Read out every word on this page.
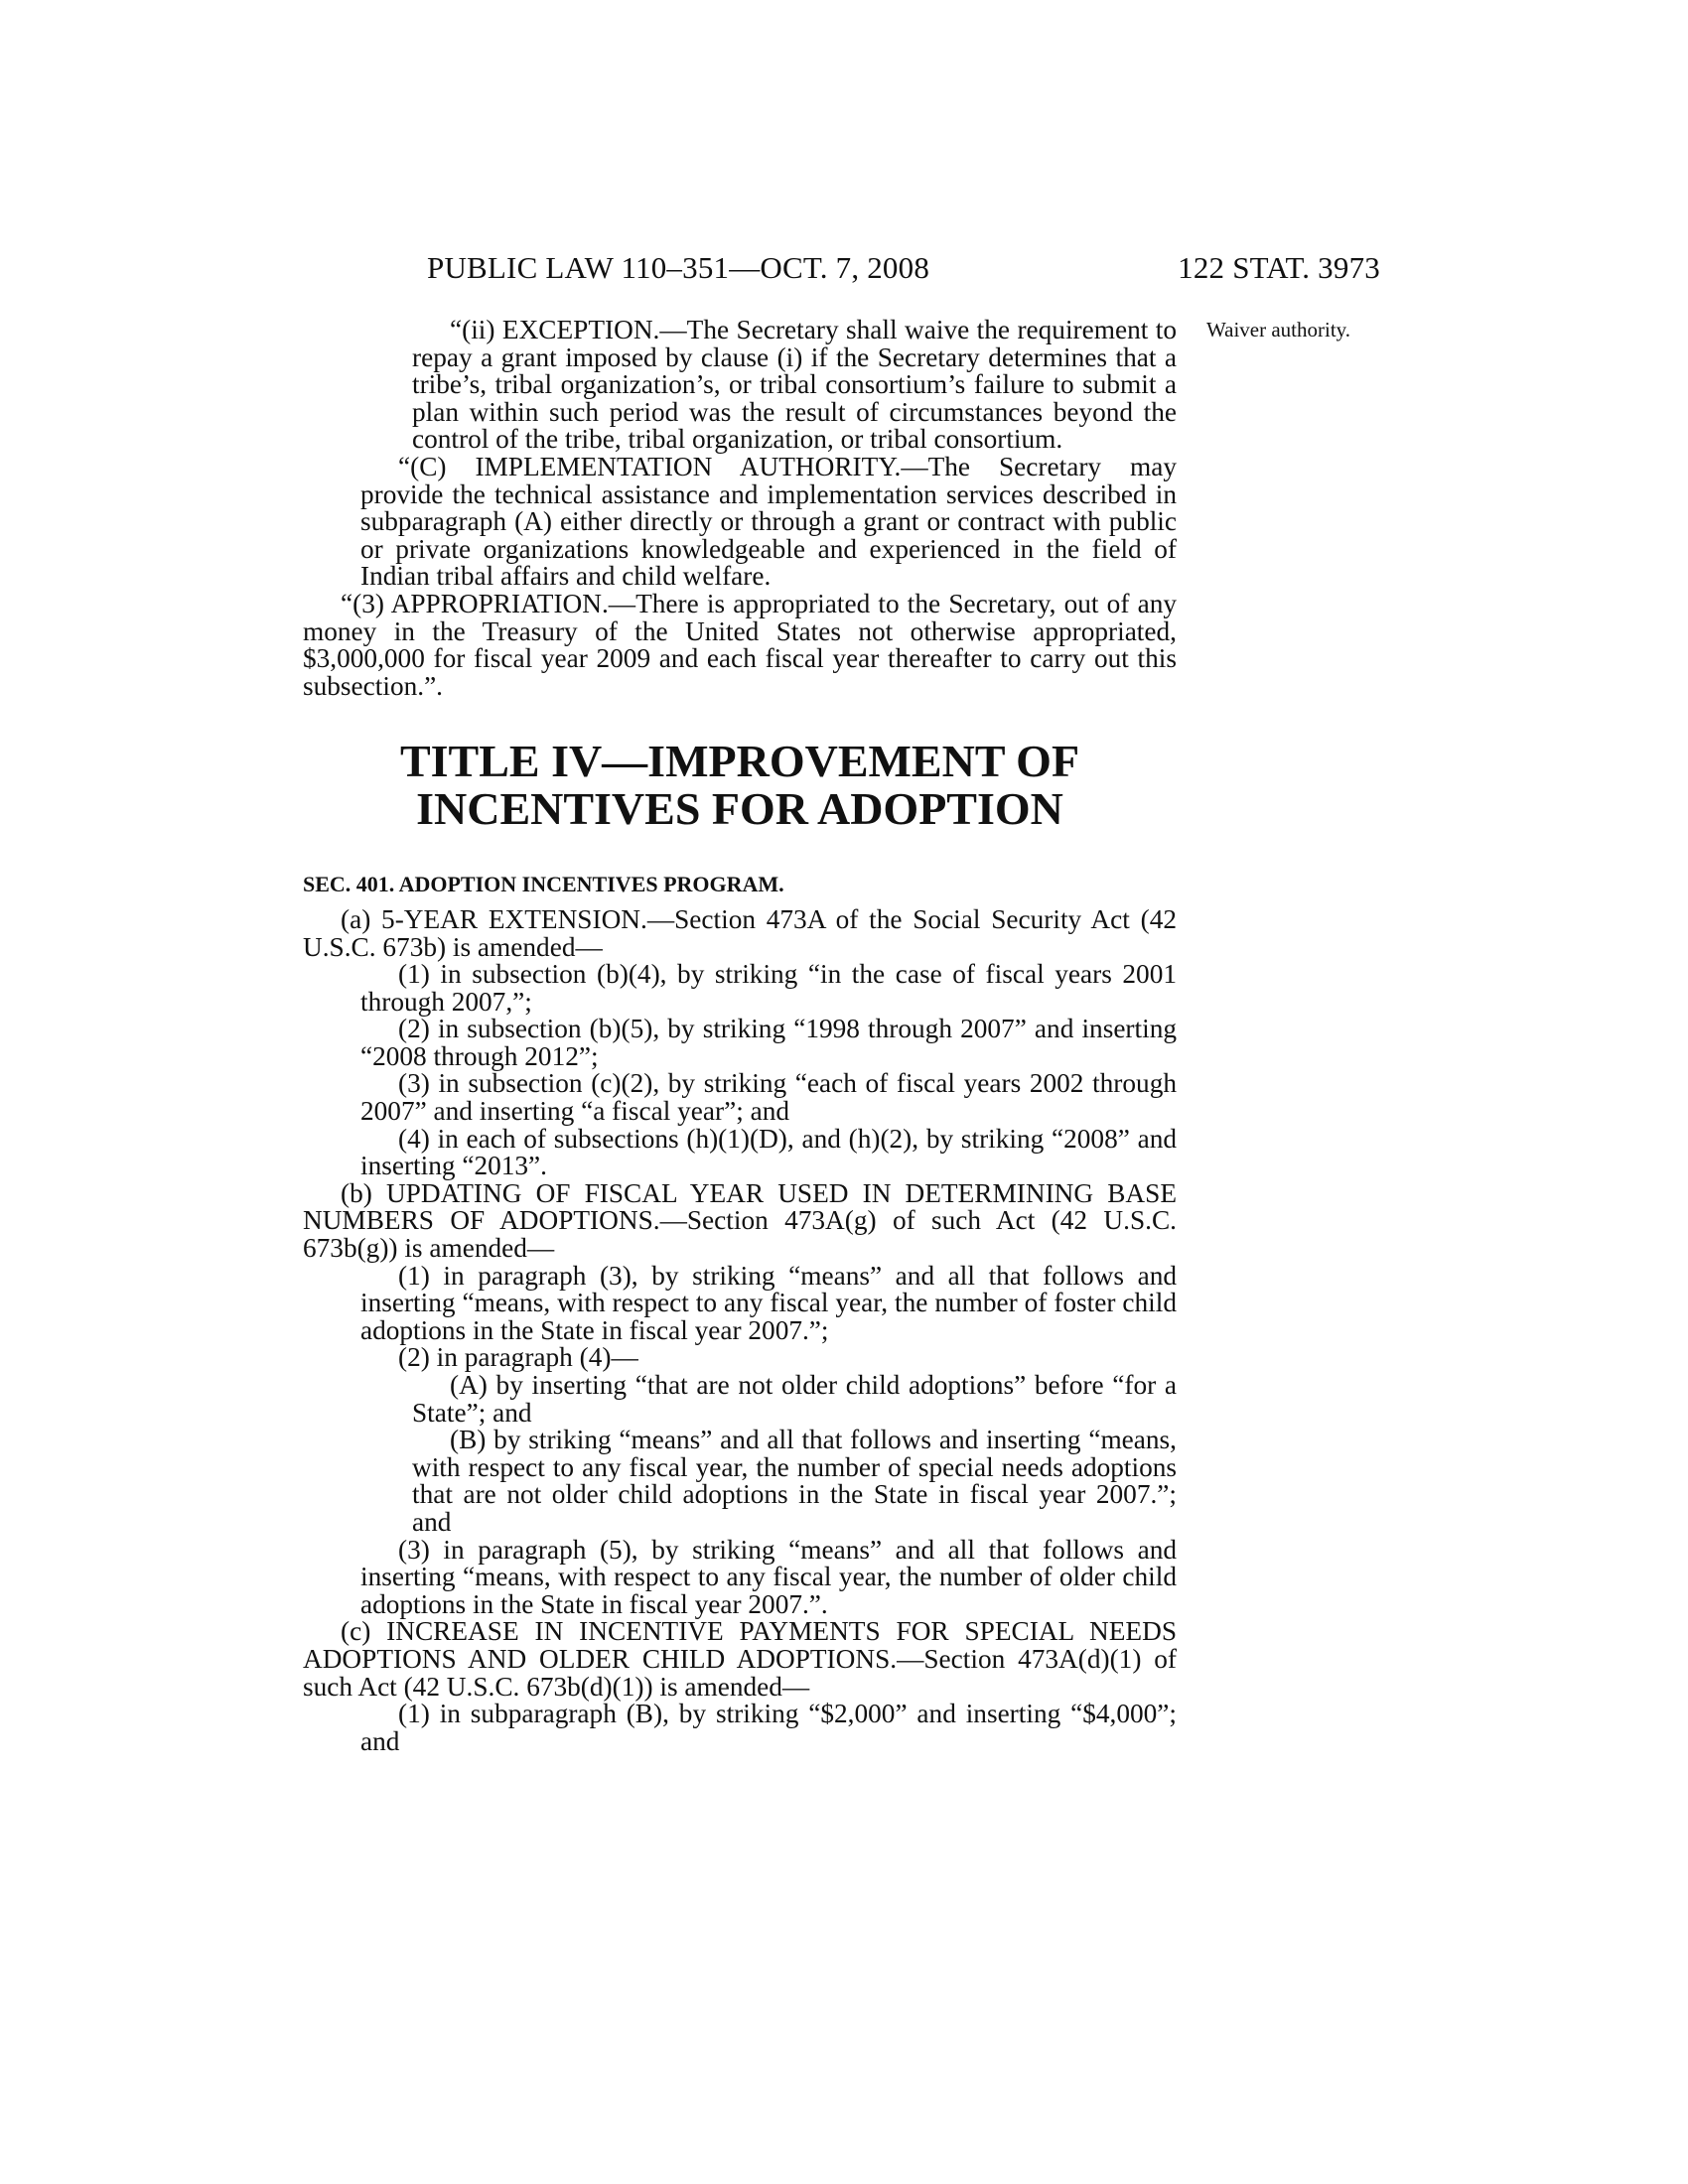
PUBLIC LAW 110–351—OCT. 7, 2008	122 STAT. 3973
Waiver authority.

“(ii) EXCEPTION.—The Secretary shall waive the requirement to repay a grant imposed by clause (i) if the Secretary determines that a tribe’s, tribal organization’s, or tribal consortium’s failure to submit a plan within such period was the result of circumstances beyond the control of the tribe, tribal organization, or tribal consortium.

“(C) IMPLEMENTATION AUTHORITY.—The Secretary may provide the technical assistance and implementation services described in subparagraph (A) either directly or through a grant or contract with public or private organizations knowledgeable and experienced in the field of Indian tribal affairs and child welfare.

“(3) APPROPRIATION.—There is appropriated to the Secretary, out of any money in the Treasury of the United States not otherwise appropriated, $3,000,000 for fiscal year 2009 and each fiscal year thereafter to carry out this subsection.”.

TITLE IV—IMPROVEMENT OF
INCENTIVES FOR ADOPTION

SEC. 401. ADOPTION INCENTIVES PROGRAM.

(a) 5-YEAR EXTENSION.—Section 473A of the Social Security Act (42 U.S.C. 673b) is amended—

(1) in subsection (b)(4), by striking “in the case of fiscal years 2001 through 2007,”;

(2) in subsection (b)(5), by striking “1998 through 2007” and inserting “2008 through 2012”;

(3) in subsection (c)(2), by striking “each of fiscal years 2002 through 2007” and inserting “a fiscal year”; and

(4) in each of subsections (h)(1)(D), and (h)(2), by striking “2008” and inserting “2013”.

(b) UPDATING OF FISCAL YEAR USED IN DETERMINING BASE NUMBERS OF ADOPTIONS.—Section 473A(g) of such Act (42 U.S.C. 673b(g)) is amended—

(1) in paragraph (3), by striking “means” and all that follows and inserting “means, with respect to any fiscal year, the number of foster child adoptions in the State in fiscal year 2007.”;

(2) in paragraph (4)—

(A) by inserting “that are not older child adoptions” before “for a State”; and

(B) by striking “means” and all that follows and inserting “means, with respect to any fiscal year, the number of special needs adoptions that are not older child adoptions in the State in fiscal year 2007.”; and

(3) in paragraph (5), by striking “means” and all that follows and inserting “means, with respect to any fiscal year, the number of older child adoptions in the State in fiscal year 2007.”.

(c) INCREASE IN INCENTIVE PAYMENTS FOR SPECIAL NEEDS ADOPTIONS AND OLDER CHILD ADOPTIONS.—Section 473A(d)(1) of such Act (42 U.S.C. 673b(d)(1)) is amended—

(1) in subparagraph (B), by striking “$2,000” and inserting “$4,000”; and
